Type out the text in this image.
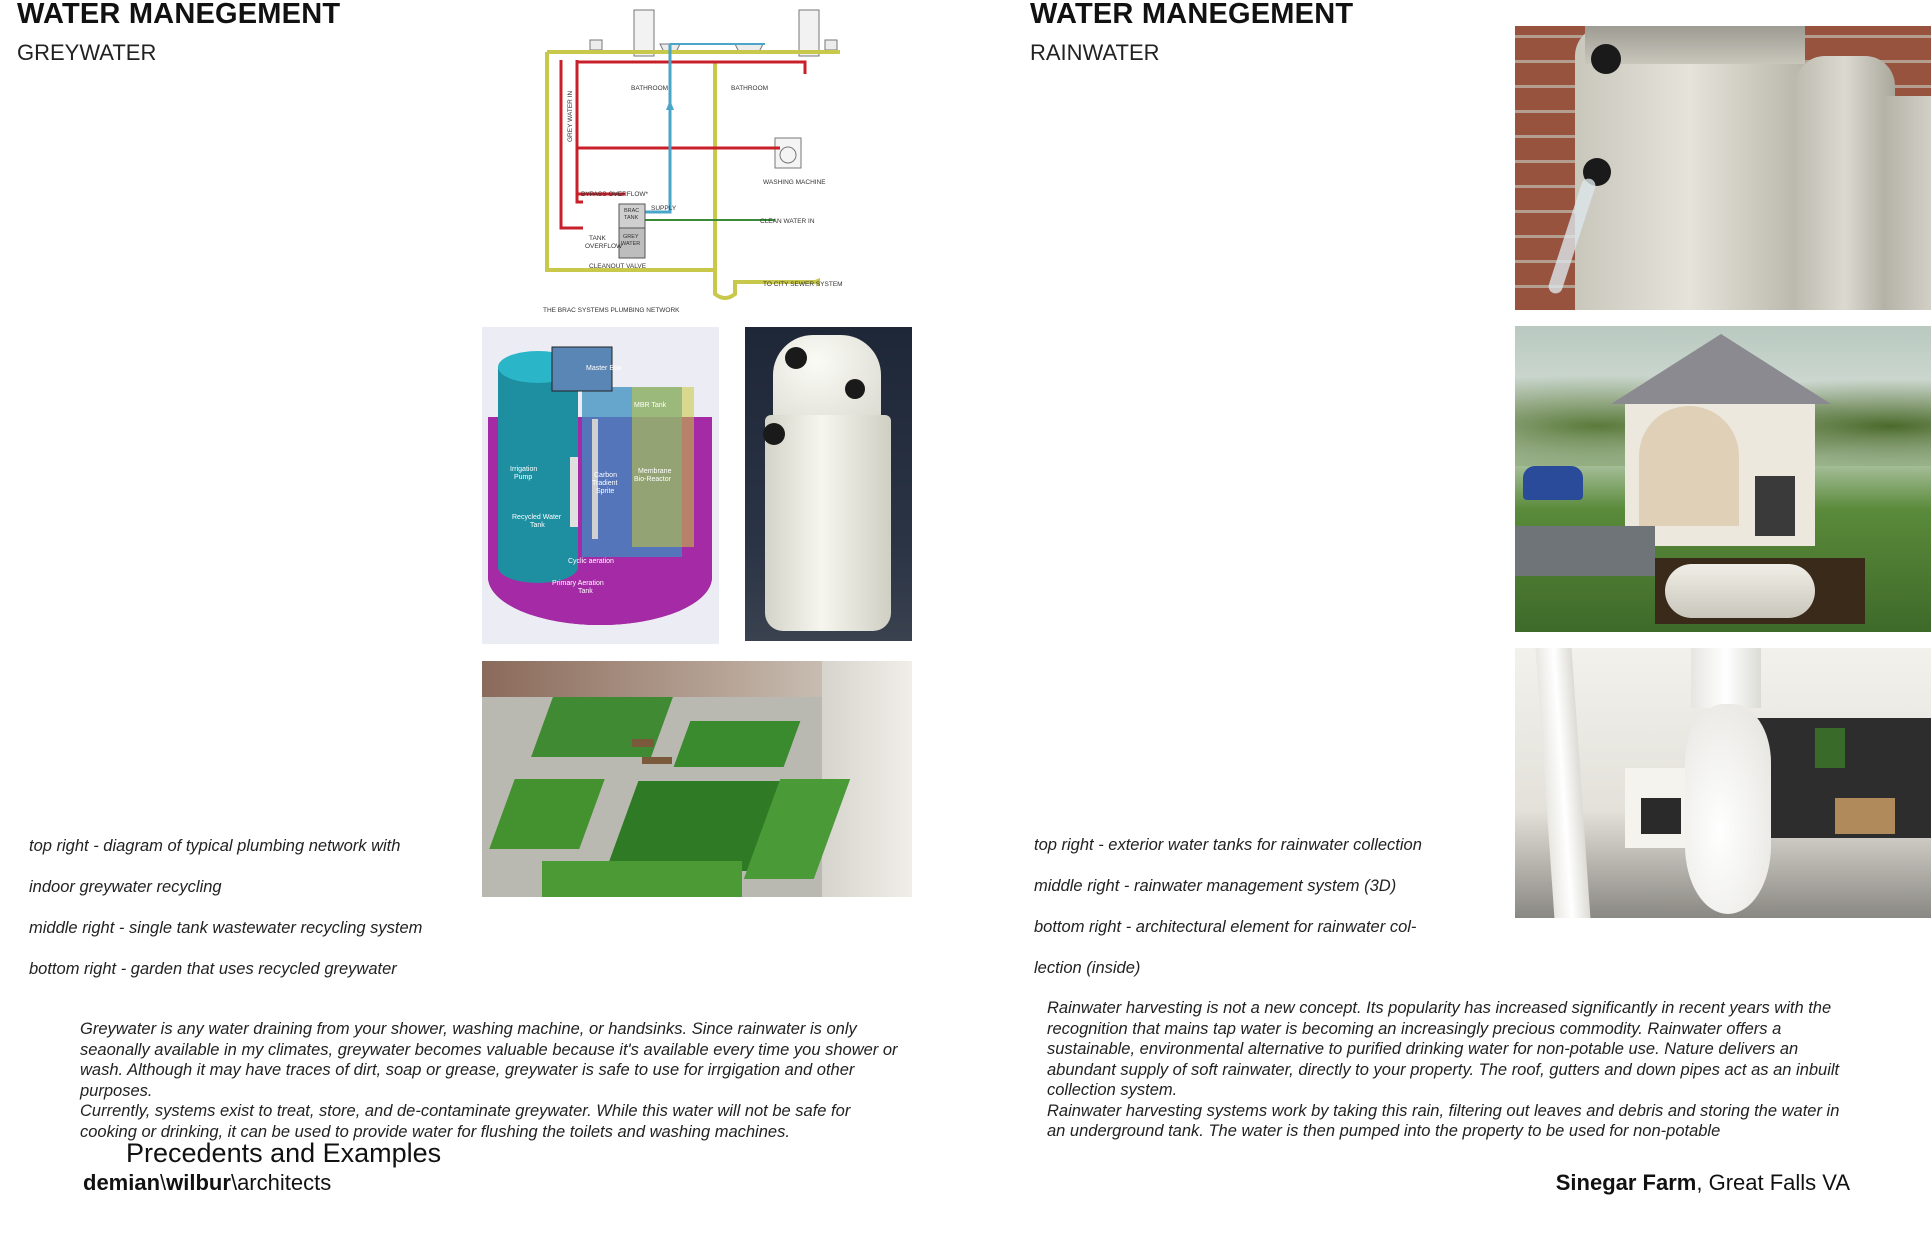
WATER MANEGEMENT
GREYWATER
BATHROOM	BATHROOM
GREY WATER IN
WASHING MACHINE
BYPASS OVERFLOW*
SUPPLY
BRAC
TANK
GREY
WATER
CLEAN WATER IN
TANK
OVERFLOW
CLEANOUT VALVE
TO CITY SEWER SYSTEM
THE BRAC SYSTEMS PLUMBING NETWORK
Master Box
MBR Tank
Irrigation
Pump	Carbon
Tradient
Sprite
Membrane
Bio-Reactor
Recycled Water
Tank
Cyclic aeration
Primary Aeration
Tank

top right - diagram of typical plumbing network with

indoor greywater recycling

middle right - single tank wastewater recycling system

bottom right - garden that uses recycled greywater

Greywater is any water draining from your shower, washing machine, or handsinks. Since rainwater is only seaonally available in my climates, greywater becomes valuable because it's available every time you shower or wash. Although it may have traces of dirt, soap or grease, greywater is safe to use for irrgigation and other purposes.

Currently, systems exist to treat, store, and de-contaminate greywater. While this water will not be safe for cooking or drinking, it can be used to provide water for flushing the toilets and washing machines.

Precedents and Examples
demian\wilbur\architects
WATER MANEGEMENT
RAINWATER

top right - exterior water tanks for rainwater collection

middle right - rainwater management system (3D)

bottom right - architectural element for rainwater col-

lection (inside)

Rainwater harvesting is not a new concept. Its popularity has increased significantly in recent years with the recognition that mains tap water is becoming an increasingly precious commodity. Rainwater offers a sustainable, environmental alternative to purified drinking water for non-potable use. Nature delivers an abundant supply of soft rainwater, directly to your property. The roof, gutters and down pipes act as an inbuilt collection system.

Rainwater harvesting systems work by taking this rain, filtering out leaves and debris and storing the water in an underground tank. The water is then pumped into the property to be used for non-potable

Sinegar Farm, Great Falls VA
